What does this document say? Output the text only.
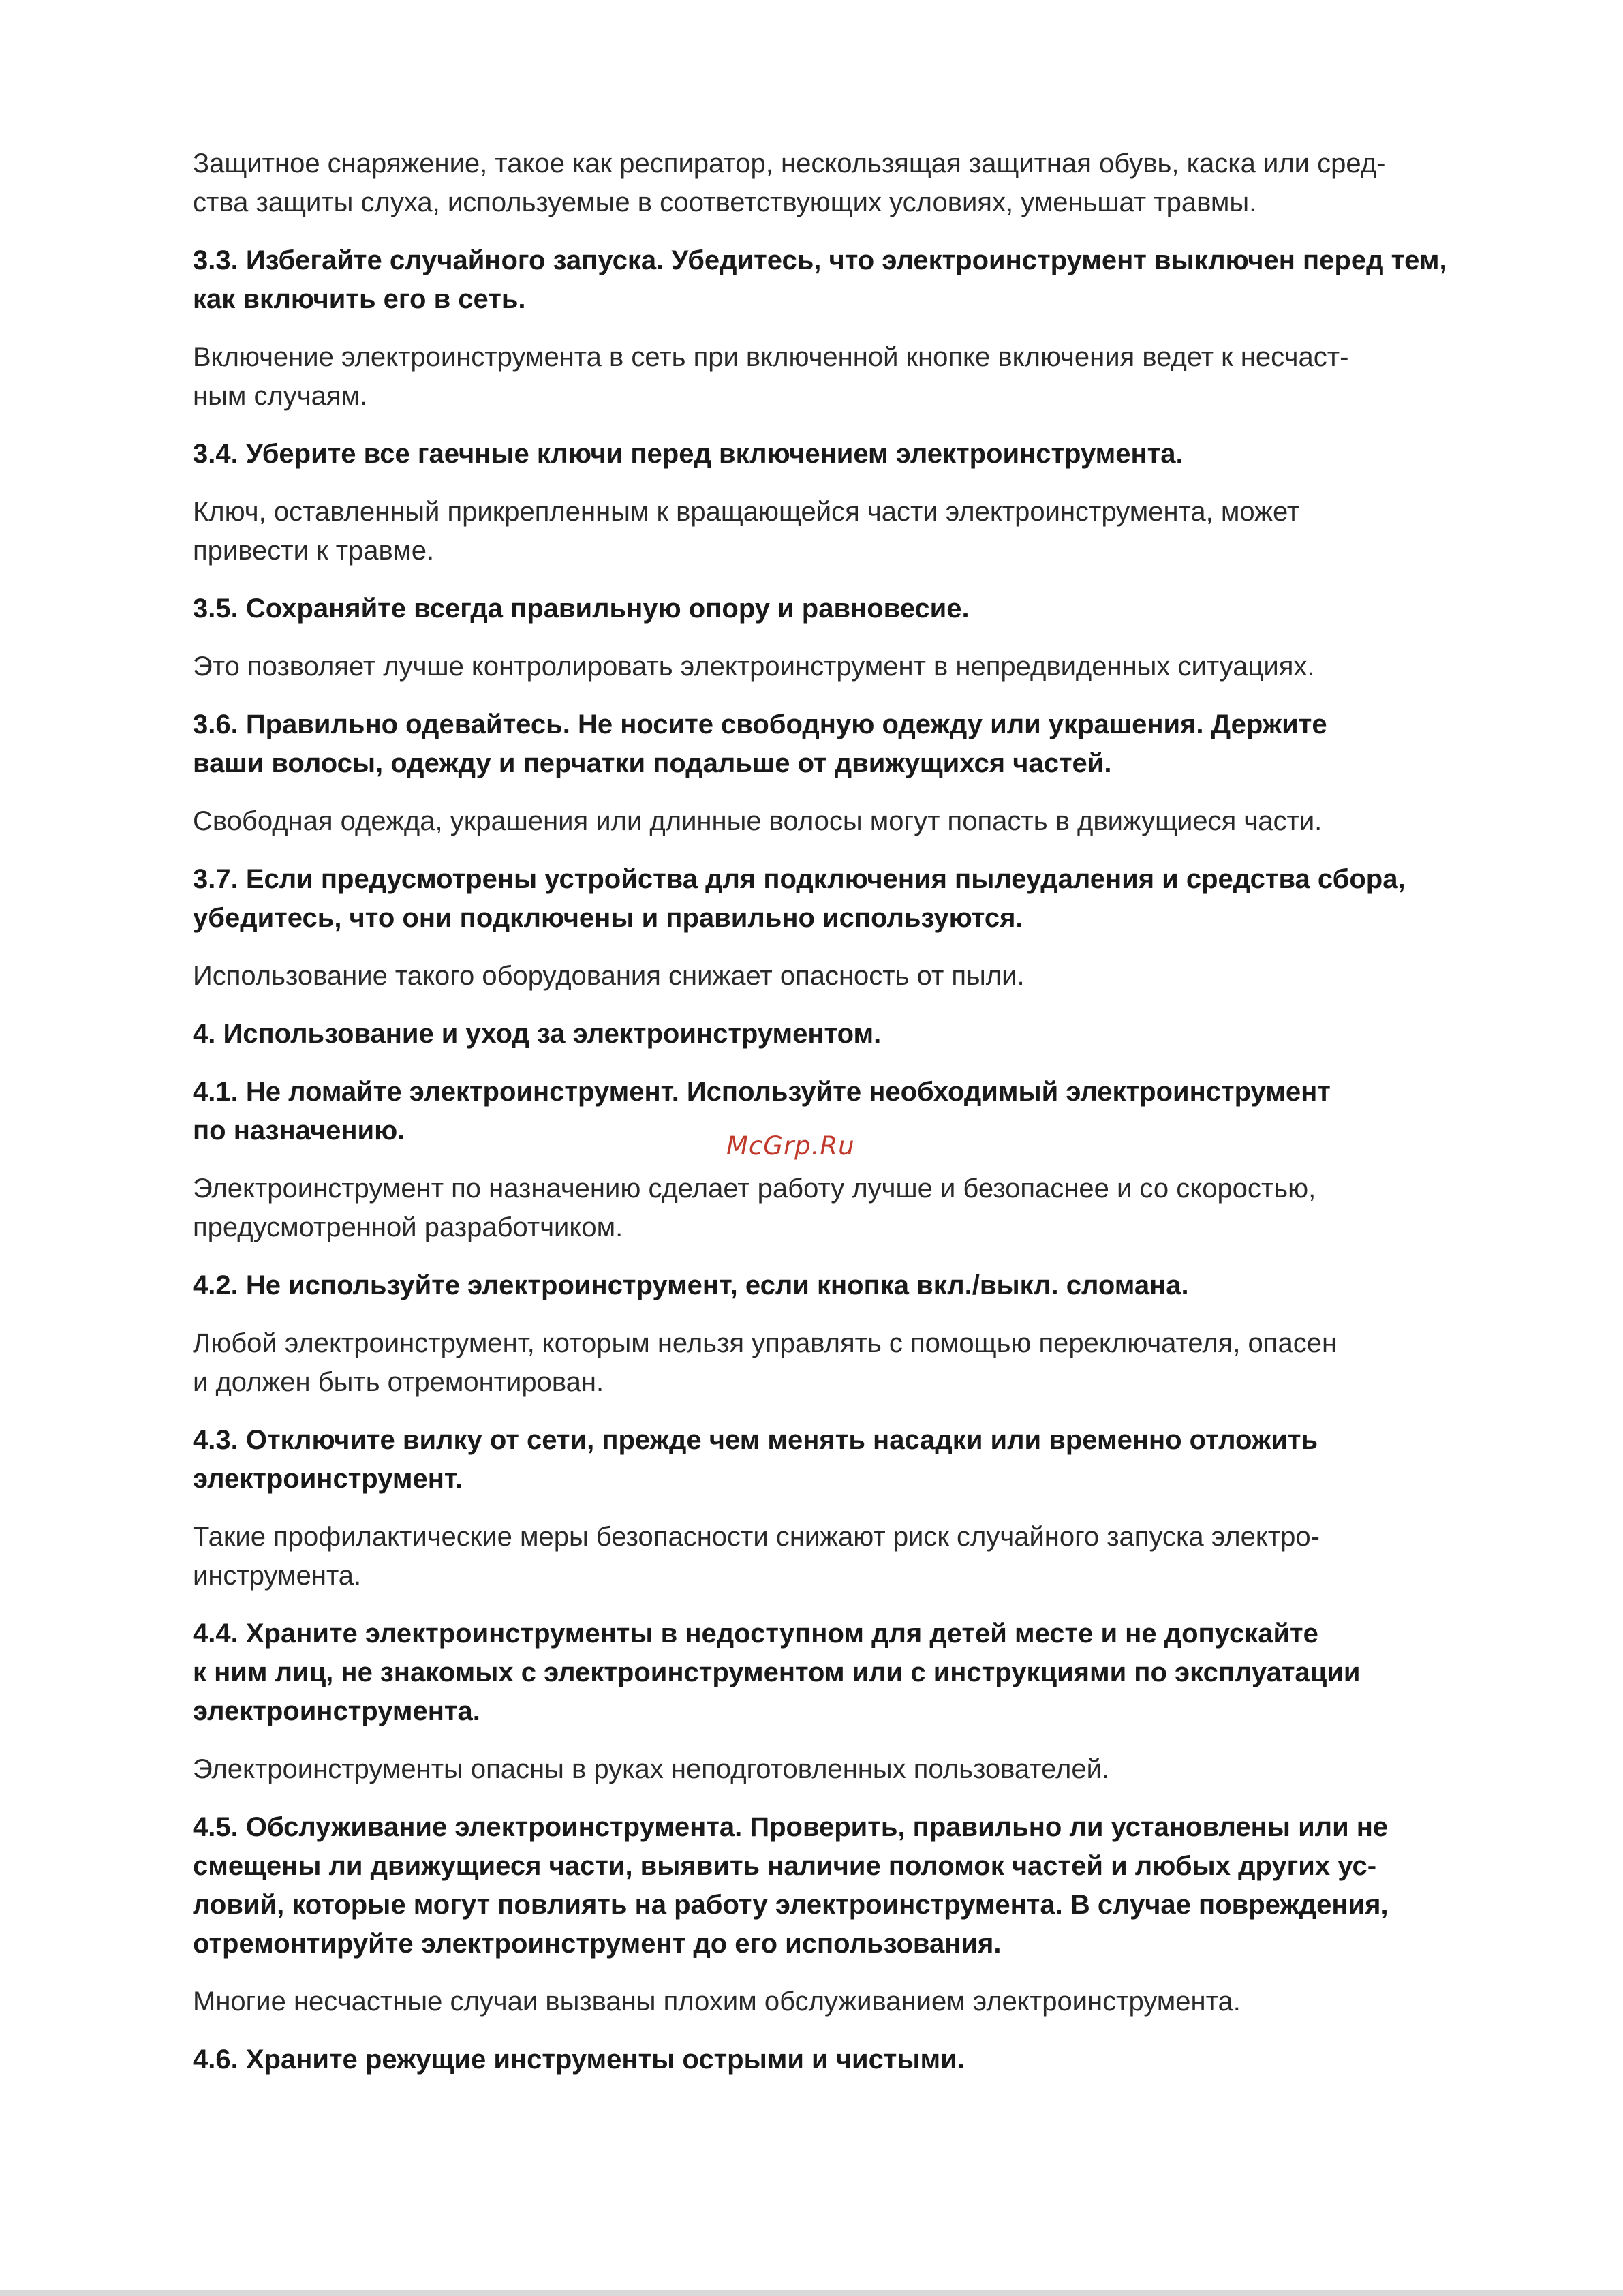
Защитное снаряжение, такое как респиратор, нескользящая защитная обувь, каска или сред-
ства защиты слуха, используемые в соответствующих условиях, уменьшат травмы.
3.3. Избегайте случайного запуска. Убедитесь, что электроинструмент выключен перед тем,
как включить его в сеть.
Включение электроинструмента в сеть при включенной кнопке включения ведет к несчаст-
ным случаям.
3.4. Уберите все гаечные ключи перед включением электроинструмента.
Ключ, оставленный прикрепленным к вращающейся части электроинструмента, может
привести к травме.
3.5. Сохраняйте всегда правильную опору и равновесие.
Это позволяет лучше контролировать электроинструмент в непредвиденных ситуациях.
3.6. Правильно одевайтесь. Не носите свободную одежду или украшения. Держите
ваши волосы, одежду и перчатки подальше от движущихся частей.
Свободная одежда, украшения или длинные волосы могут попасть в движущиеся части.
3.7. Если предусмотрены устройства для подключения пылеудаления и средства сбора,
убедитесь, что они подключены и правильно используются.
Использование такого оборудования снижает опасность от пыли.
4. Использование и уход за электроинструментом.
4.1. Не ломайте электроинструмент. Используйте необходимый электроинструмент
по назначению.
Электроинструмент по назначению сделает работу лучше и безопаснее и со скоростью,
предусмотренной разработчиком.
4.2. Не используйте электроинструмент, если кнопка вкл./выкл. сломана.
Любой электроинструмент, которым нельзя управлять с помощью переключателя, опасен
и должен быть отремонтирован.
4.3. Отключите вилку от сети, прежде чем менять насадки или временно отложить
электроинструмент.
Такие профилактические меры безопасности снижают риск случайного запуска электро-
инструмента.
4.4. Храните электроинструменты в недоступном для детей месте и не допускайте
к ним лиц, не знакомых с электроинструментом или с инструкциями по эксплуатации
электроинструмента.
Электроинструменты опасны в руках неподготовленных пользователей.
4.5. Обслуживание электроинструмента. Проверить, правильно ли установлены или не
смещены ли движущиеся части, выявить наличие поломок частей и любых других ус-
ловий, которые могут повлиять на работу электроинструмента. В случае повреждения,
отремонтируйте электроинструмент до его использования.
Многие несчастные случаи вызваны плохим обслуживанием электроинструмента.
4.6. Храните режущие инструменты острыми и чистыми.
McGrp.Ru
